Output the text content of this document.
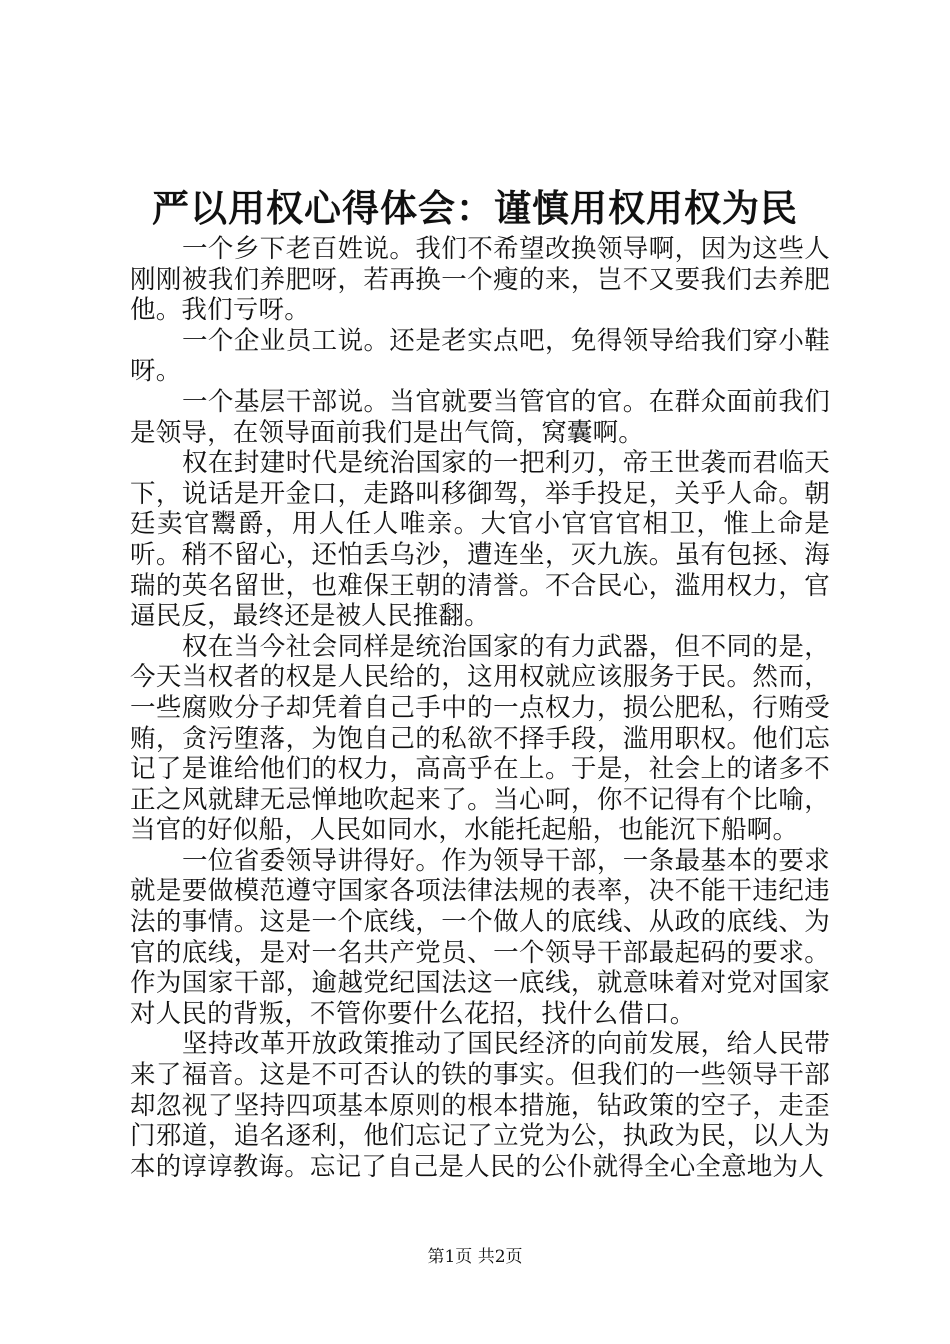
严以用权心得体会：谨慎用权用权为民

一个乡下老百姓说。我们不希望改换领导啊，因为这些人刚刚被我们养肥呀，若再换一个瘦的来，岂不又要我们去养肥他。我们亏呀。

一个企业员工说。还是老实点吧，免得领导给我们穿小鞋呀。

一个基层干部说。当官就要当管官的官。在群众面前我们是领导，在领导面前我们是出气筒，窝囊啊。

权在封建时代是统治国家的一把利刃，帝王世袭而君临天下，说话是开金口，走路叫移御驾，举手投足，关乎人命。朝廷卖官鬻爵，用人任人唯亲。大官小官官官相卫，惟上命是听。稍不留心，还怕丢乌沙，遭连坐，灭九族。虽有包拯、海瑞的英名留世，也难保王朝的清誉。不合民心，滥用权力，官逼民反，最终还是被人民推翻。

权在当今社会同样是统治国家的有力武器，但不同的是，今天当权者的权是人民给的，这用权就应该服务于民。然而，一些腐败分子却凭着自己手中的一点权力，损公肥私，行贿受贿，贪污堕落，为饱自己的私欲不择手段，滥用职权。他们忘记了是谁给他们的权力，高高乎在上。于是，社会上的诸多不正之风就肆无忌惮地吹起来了。当心呵，你不记得有个比喻，当官的好似船，人民如同水，水能托起船，也能沉下船啊。

一位省委领导讲得好。作为领导干部，一条最基本的要求就是要做模范遵守国家各项法律法规的表率，决不能干违纪违法的事情。这是一个底线，一个做人的底线、从政的底线、为官的底线，是对一名共产党员、一个领导干部最起码的要求。作为国家干部，逾越党纪国法这一底线，就意味着对党对国家对人民的背叛，不管你要什么花招，找什么借口。

坚持改革开放政策推动了国民经济的向前发展，给人民带来了福音。这是不可否认的铁的事实。但我们的一些领导干部却忽视了坚持四项基本原则的根本措施，钻政策的空子，走歪门邪道，追名逐利，他们忘记了立党为公，执政为民，以人为本的谆谆教诲。忘记了自己是人民的公仆就得全心全意地为人

第1页 共2页
